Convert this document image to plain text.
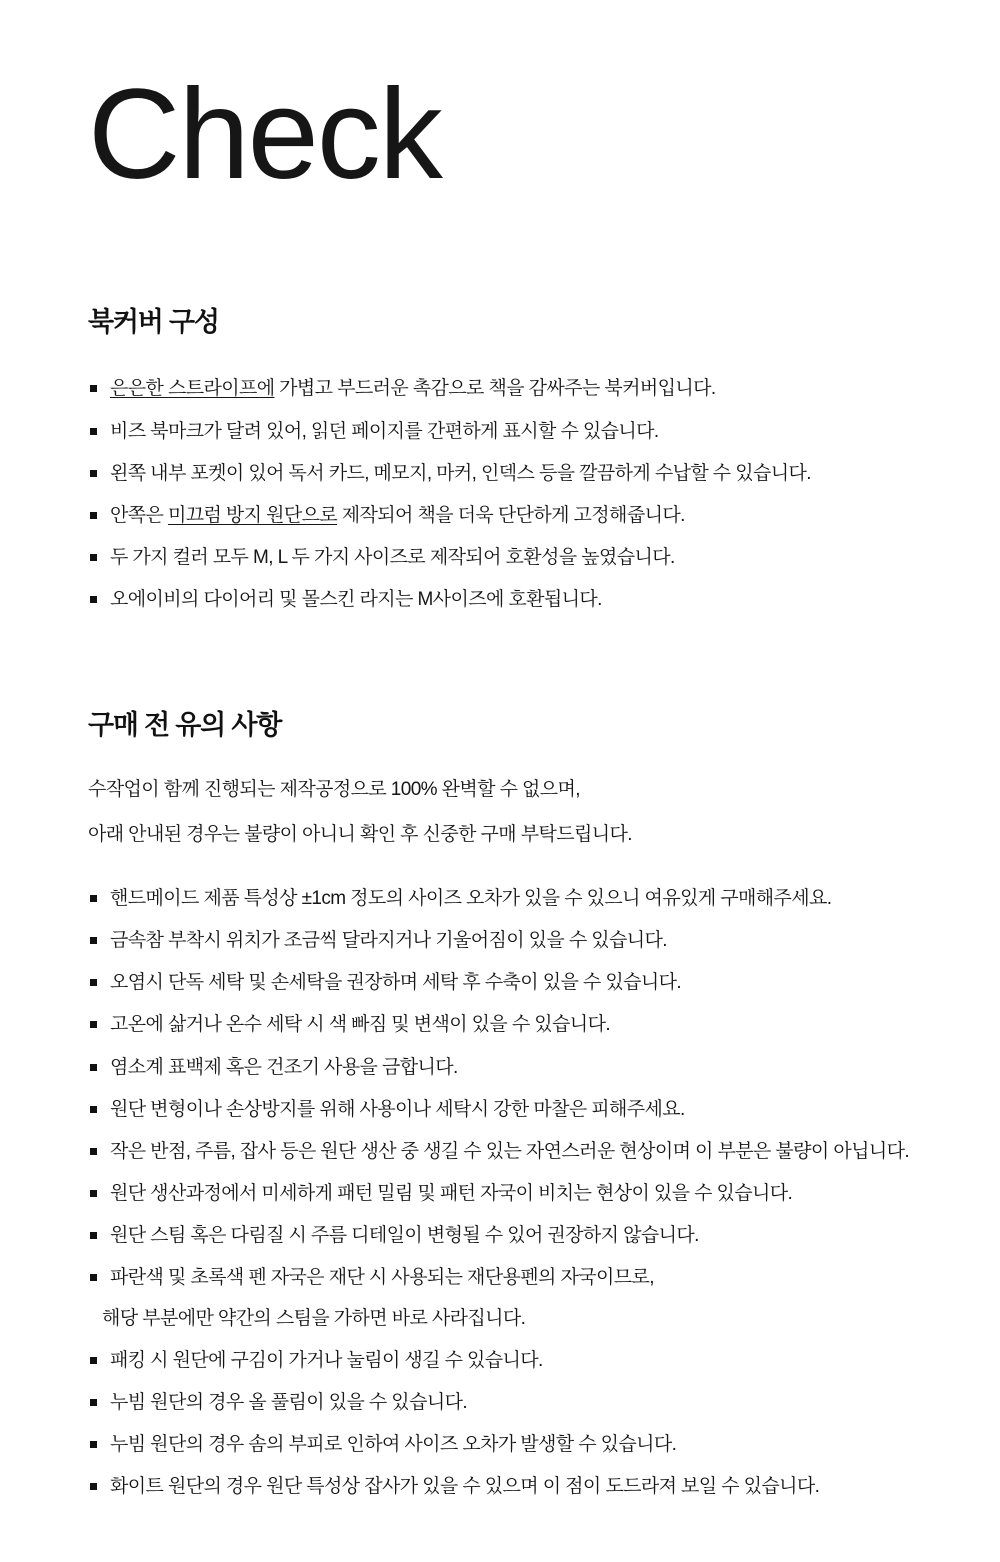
Check
북커버 구성
은은한 스트라이프에 가볍고 부드러운 촉감으로 책을 감싸주는 북커버입니다.
비즈 북마크가 달려 있어, 읽던 페이지를 간편하게 표시할 수 있습니다.
왼쪽 내부 포켓이 있어 독서 카드, 메모지, 마커, 인덱스 등을 깔끔하게 수납할 수 있습니다.
안쪽은 미끄럼 방지 원단으로 제작되어 책을 더욱 단단하게 고정해줍니다.
두 가지 컬러 모두 M, L 두 가지 사이즈로 제작되어 호환성을 높였습니다.
오에이비의 다이어리 및 몰스킨 라지는 M사이즈에 호환됩니다.
구매 전 유의 사항

수작업이 함께 진행되는 제작공정으로 100% 완벽할 수 없으며,

아래 안내된 경우는 불량이 아니니 확인 후 신중한 구매 부탁드립니다.

핸드메이드 제품 특성상 ±1cm 정도의 사이즈 오차가 있을 수 있으니 여유있게 구매해주세요.
금속참 부착시 위치가 조금씩 달라지거나 기울어짐이 있을 수 있습니다.
오염시 단독 세탁 및 손세탁을 권장하며 세탁 후 수축이 있을 수 있습니다.
고온에 삶거나 온수 세탁 시 색 빠짐 및 변색이 있을 수 있습니다.
염소계 표백제 혹은 건조기 사용을 금합니다.
원단 변형이나 손상방지를 위해 사용이나 세탁시 강한 마찰은 피해주세요.
작은 반점, 주름, 잡사 등은 원단 생산 중 생길 수 있는 자연스러운 현상이며 이 부분은 불량이 아닙니다.
원단 생산과정에서 미세하게 패턴 밀림 및 패턴 자국이 비치는 현상이 있을 수 있습니다.
원단 스팀 혹은 다림질 시 주름 디테일이 변형될 수 있어 권장하지 않습니다.
파란색 및 초록색 펜 자국은 재단 시 사용되는 재단용펜의 자국이므로,
해당 부분에만 약간의 스팀을 가하면 바로 사라집니다.
패킹 시 원단에 구김이 가거나 눌림이 생길 수 있습니다.
누빔 원단의 경우 올 풀림이 있을 수 있습니다.
누빔 원단의 경우 솜의 부피로 인하여 사이즈 오차가 발생할 수 있습니다.
화이트 원단의 경우 원단 특성상 잡사가 있을 수 있으며 이 점이 도드라져 보일 수 있습니다.
